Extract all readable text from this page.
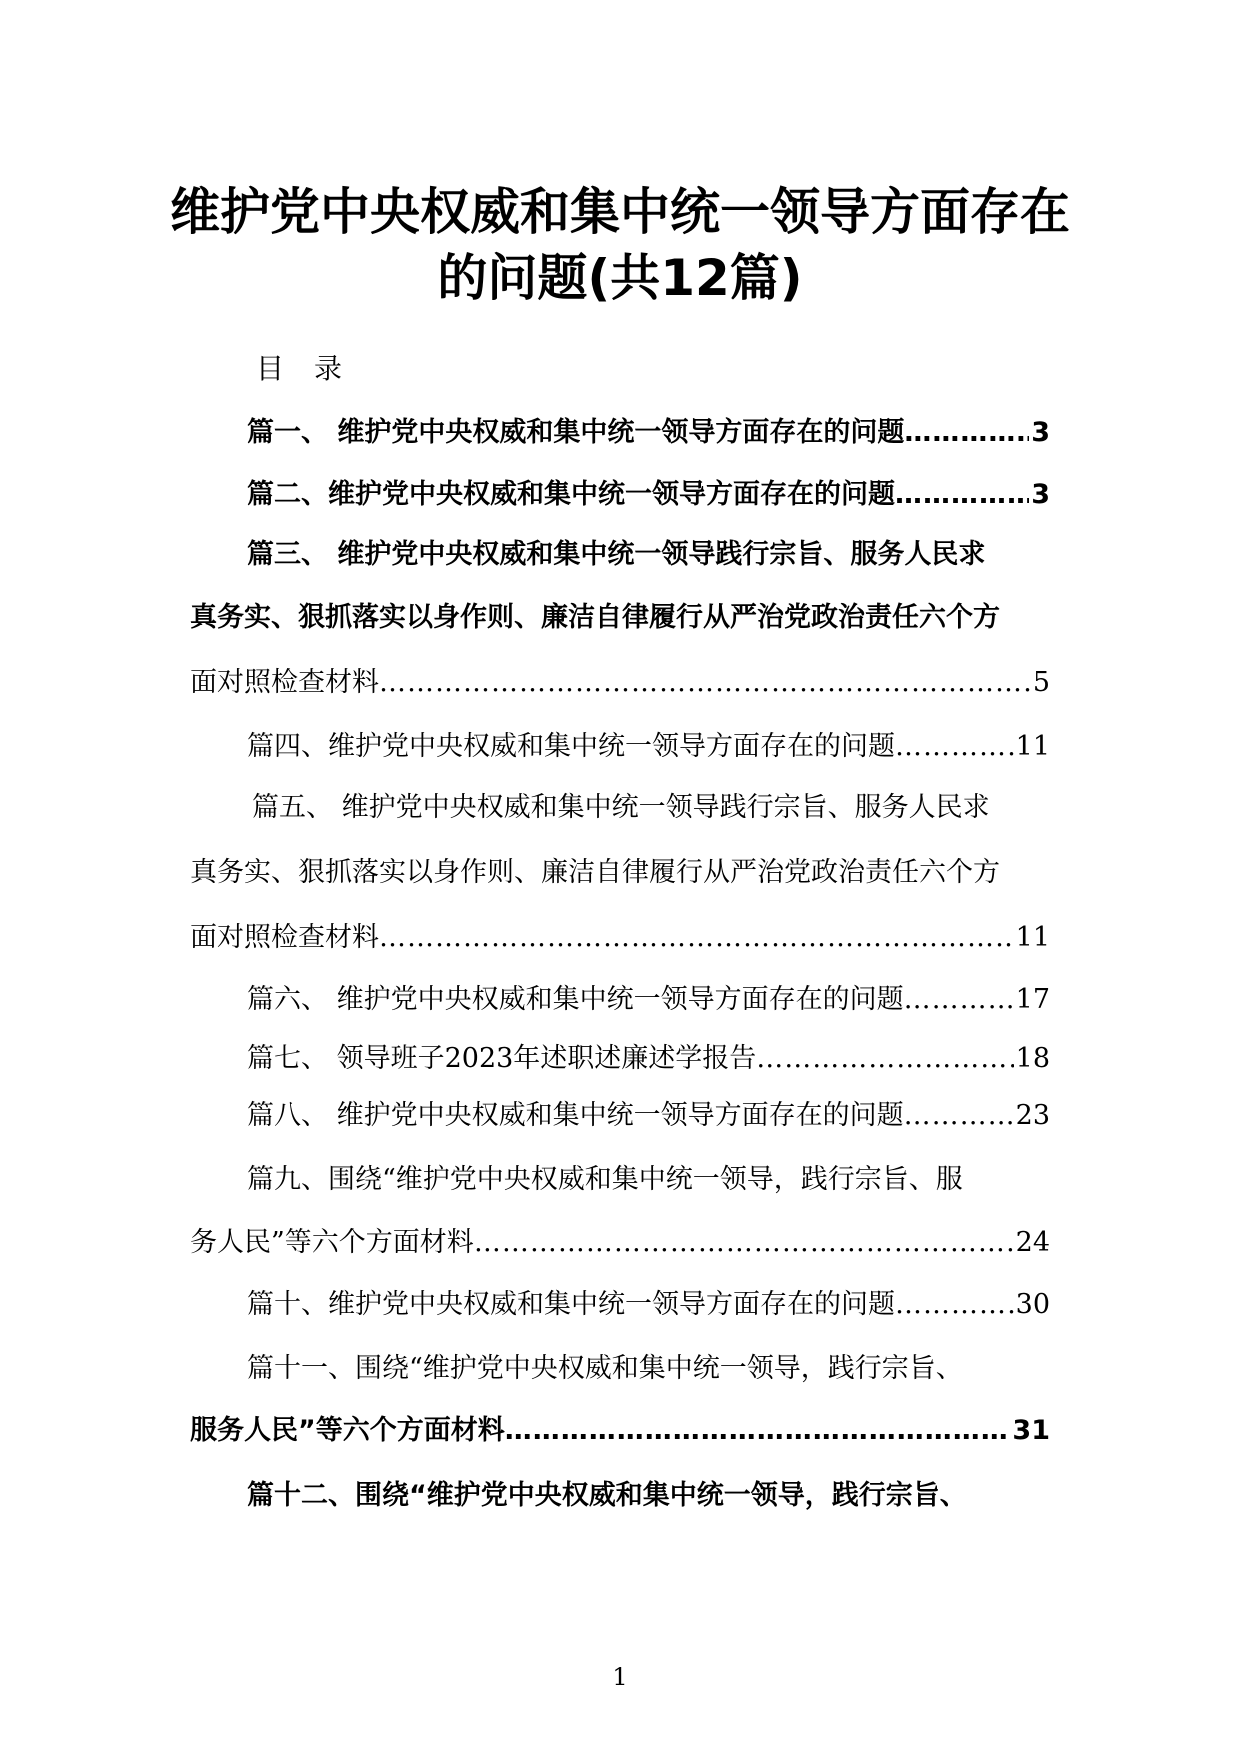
维护党中央权威和集中统一领导方面存在
的问题(共12篇)
目录
篇一、 维护党中央权威和集中统一领导方面存在的问题 ………………………………………………………………………………………………………………………………………………	3
篇二、维护党中央权威和集中统一领导方面存在的问题 ………………………………………………………………………………………………………………………………………………	3
篇三、 维护党中央权威和集中统一领导践行宗旨、服务人民求
真务实、狠抓落实以身作则、廉洁自律履行从严治党政治责任六个方
面对照检查材料 ………………………………………………………………………………………………………………………………………………	5
篇四、维护党中央权威和集中统一领导方面存在的问题 ………………………………………………………………………………………………………………………………………………	11
篇五、 维护党中央权威和集中统一领导践行宗旨、服务人民求
真务实、狠抓落实以身作则、廉洁自律履行从严治党政治责任六个方
面对照检查材料 ………………………………………………………………………………………………………………………………………………	11
篇六、 维护党中央权威和集中统一领导方面存在的问题 ………………………………………………………………………………………………………………………………………………	17
篇七、 领导班子2023年述职述廉述学报告 ………………………………………………………………………………………………………………………………………………	18
篇八、 维护党中央权威和集中统一领导方面存在的问题 ………………………………………………………………………………………………………………………………………………	23
篇九、围绕“维护党中央权威和集中统一领导，践行宗旨、服
务人民”等六个方面材料 ………………………………………………………………………………………………………………………………………………	24
篇十、维护党中央权威和集中统一领导方面存在的问题 ………………………………………………………………………………………………………………………………………………	30
篇十一、围绕“维护党中央权威和集中统一领导，践行宗旨、
服务人民”等六个方面材料 ………………………………………………………………………………………………………………………………………………	31
篇十二、围绕“维护党中央权威和集中统一领导，践行宗旨、
1
